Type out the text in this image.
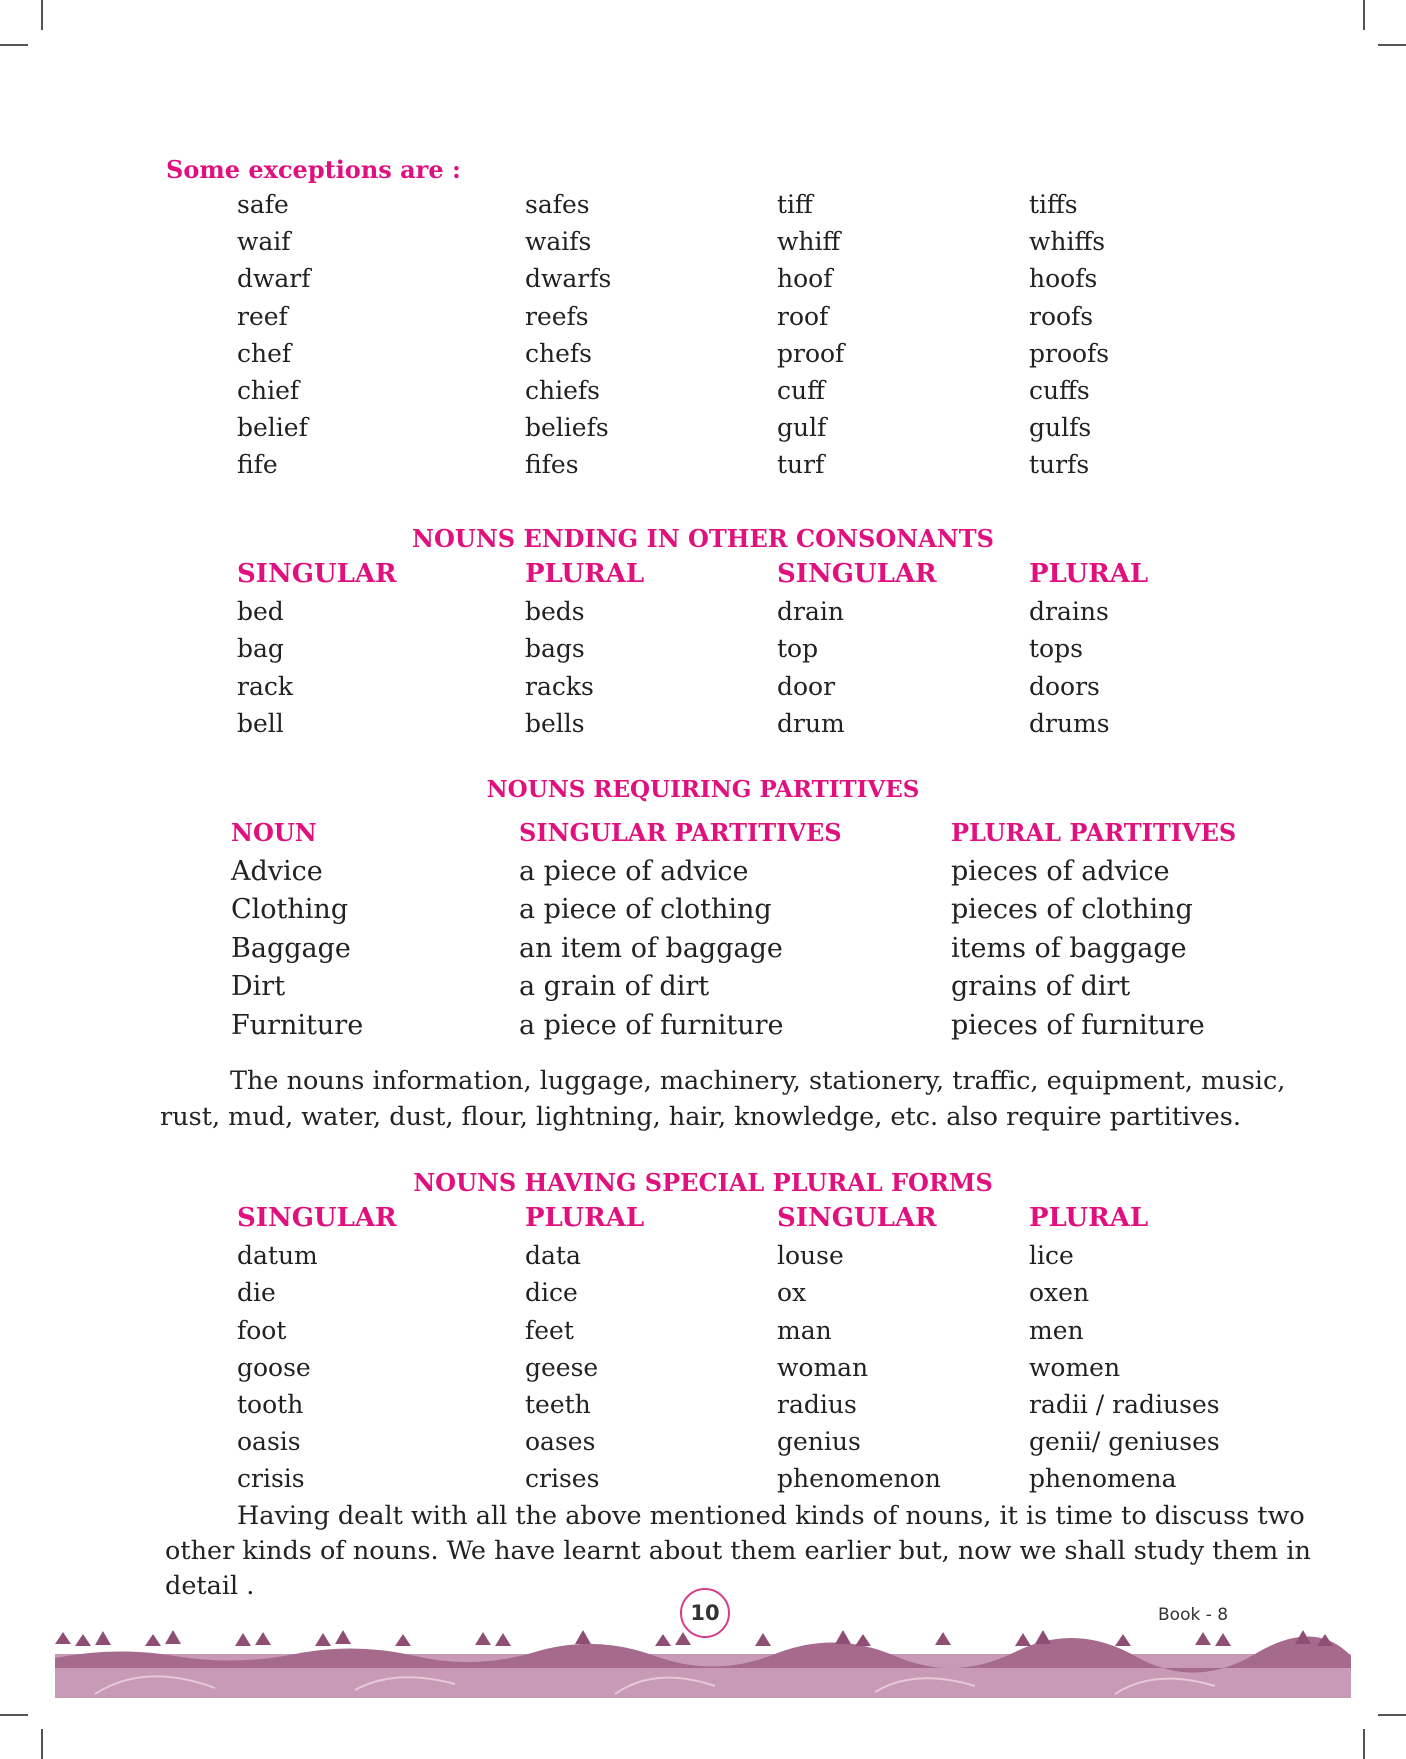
Some exceptions are :
safe	safes	tiff	tiffs
waif	waifs	whiff	whiffs
dwarf	dwarfs	hoof	hoofs
reef	reefs	roof	roofs
chef	chefs	proof	proofs
chief	chiefs	cuff	cuffs
belief	beliefs	gulf	gulfs
fife	fifes	turf	turfs
NOUNS ENDING IN OTHER CONSONANTS
SINGULAR	PLURAL	SINGULAR	PLURAL
bed	beds	drain	drains
bag	bags	top	tops
rack	racks	door	doors
bell	bells	drum	drums
NOUNS REQUIRING PARTITIVES
NOUN	SINGULAR PARTITIVES	PLURAL PARTITIVES
Advice	a piece of advice	pieces of advice
Clothing	a piece of clothing	pieces of clothing
Baggage	an item of baggage	items of baggage
Dirt	a grain of dirt	grains of dirt
Furniture	a piece of furniture	pieces of furniture
The nouns information, luggage, machinery, stationery, traffic, equipment, music,
rust, mud, water, dust, flour, lightning, hair, knowledge, etc. also require partitives.
NOUNS HAVING SPECIAL PLURAL FORMS
SINGULAR	PLURAL	SINGULAR	PLURAL
datum	data	louse	lice
die	dice	ox	oxen
foot	feet	man	men
goose	geese	woman	women
tooth	teeth	radius	radii / radiuses
oasis	oases	genius	genii/ geniuses
crisis	crises	phenomenon	phenomena
Having dealt with all the above mentioned kinds of nouns, it is time to discuss two
other kinds of nouns. We have learnt about them earlier but, now we shall study them in
detail .
10	Book - 8
